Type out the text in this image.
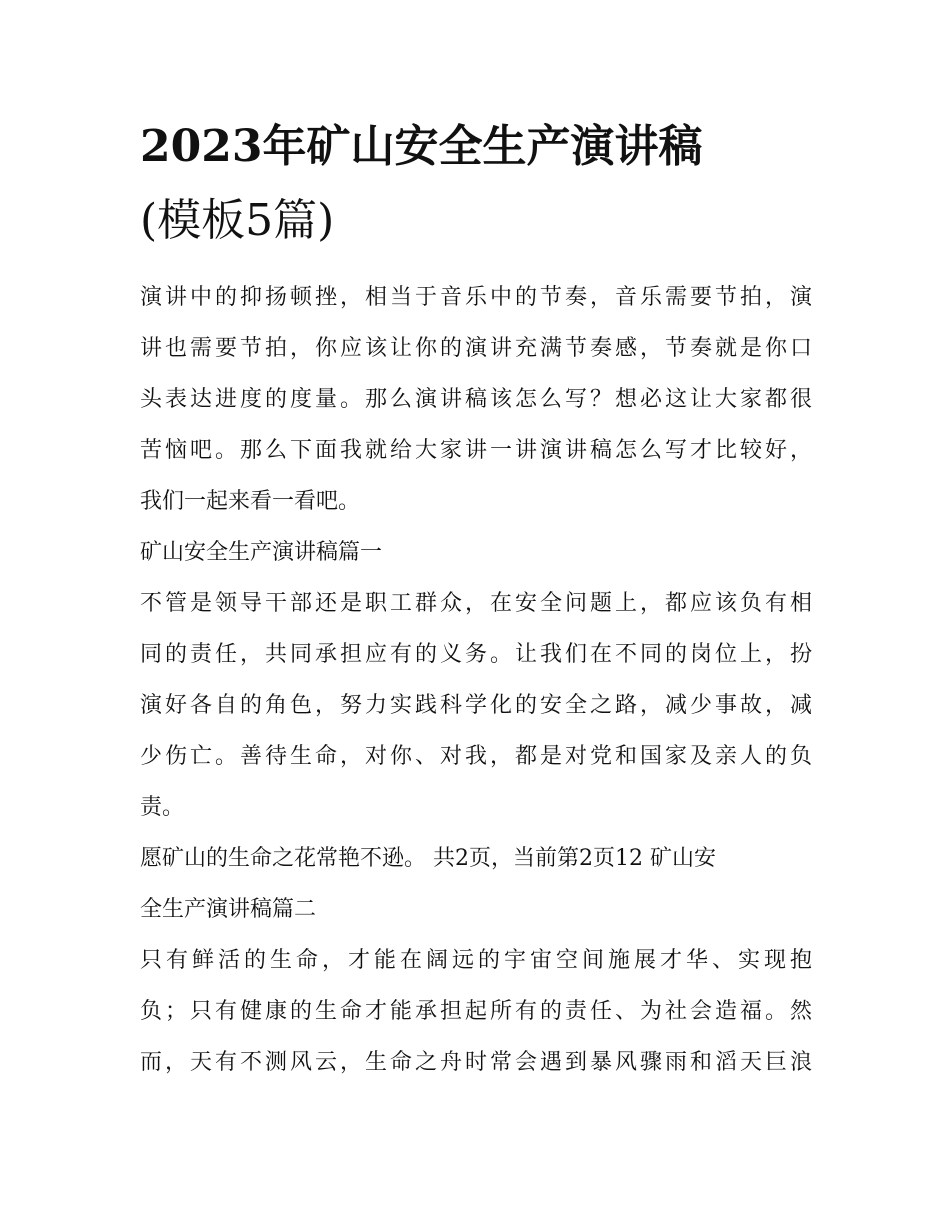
2023年矿山安全生产演讲稿
(模板5篇)
演讲中的抑扬顿挫，相当于音乐中的节奏，音乐需要节拍，演
讲也需要节拍，你应该让你的演讲充满节奏感，节奏就是你口
头表达进度的度量。那么演讲稿该怎么写？想必这让大家都很
苦恼吧。那么下面我就给大家讲一讲演讲稿怎么写才比较好，
我们一起来看一看吧。
矿山安全生产演讲稿篇一
不管是领导干部还是职工群众，在安全问题上，都应该负有相
同的责任，共同承担应有的义务。让我们在不同的岗位上，扮
演好各自的角色，努力实践科学化的安全之路，减少事故，减
少伤亡。善待生命，对你、对我，都是对党和国家及亲人的负
责。
愿矿山的生命之花常艳不逊。 共2页，当前第2页12 矿山安
全生产演讲稿篇二
只有鲜活的生命，才能在阔远的宇宙空间施展才华、实现抱
负；只有健康的生命才能承担起所有的责任、为社会造福。然
而，天有不测风云，生命之舟时常会遇到暴风骤雨和滔天巨浪
